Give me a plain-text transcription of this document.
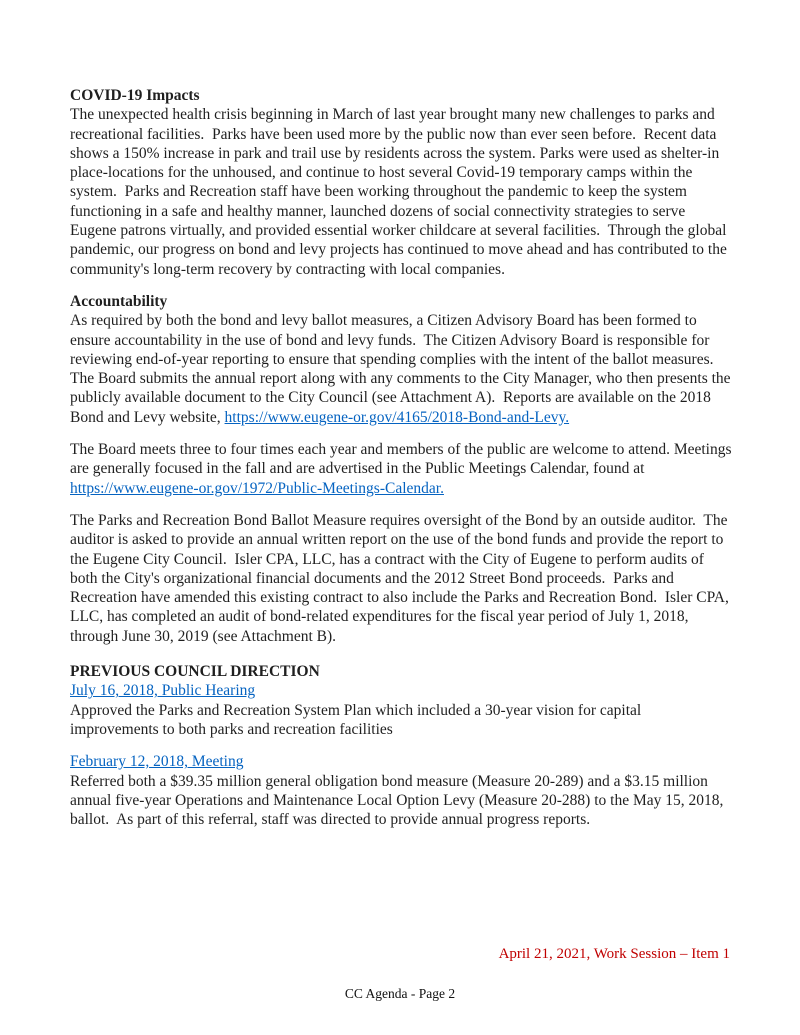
COVID-19 Impacts

The unexpected health crisis beginning in March of last year brought many new challenges to parks and recreational facilities.  Parks have been used more by the public now than ever seen before.  Recent data shows a 150% increase in park and trail use by residents across the system. Parks were used as shelter-in place-locations for the unhoused, and continue to host several Covid-19 temporary camps within the system.  Parks and Recreation staff have been working throughout the pandemic to keep the system functioning in a safe and healthy manner, launched dozens of social connectivity strategies to serve Eugene patrons virtually, and provided essential worker childcare at several facilities.  Through the global pandemic, our progress on bond and levy projects has continued to move ahead and has contributed to the community's long-term recovery by contracting with local companies.

Accountability

As required by both the bond and levy ballot measures, a Citizen Advisory Board has been formed to ensure accountability in the use of bond and levy funds.  The Citizen Advisory Board is responsible for reviewing end-of-year reporting to ensure that spending complies with the intent of the ballot measures.  The Board submits the annual report along with any comments to the City Manager, who then presents the publicly available document to the City Council (see Attachment A).  Reports are available on the 2018 Bond and Levy website, https://www.eugene-or.gov/4165/2018-Bond-and-Levy.

The Board meets three to four times each year and members of the public are welcome to attend. Meetings are generally focused in the fall and are advertised in the Public Meetings Calendar, found at https://www.eugene-or.gov/1972/Public-Meetings-Calendar.

The Parks and Recreation Bond Ballot Measure requires oversight of the Bond by an outside auditor.  The auditor is asked to provide an annual written report on the use of the bond funds and provide the report to the Eugene City Council.  Isler CPA, LLC, has a contract with the City of Eugene to perform audits of both the City's organizational financial documents and the 2012 Street Bond proceeds.  Parks and Recreation have amended this existing contract to also include the Parks and Recreation Bond.  Isler CPA, LLC, has completed an audit of bond-related expenditures for the fiscal year period of July 1, 2018, through June 30, 2019 (see Attachment B).

PREVIOUS COUNCIL DIRECTION

July 16, 2018, Public Hearing

Approved the Parks and Recreation System Plan which included a 30-year vision for capital improvements to both parks and recreation facilities

February 12, 2018, Meeting

Referred both a $39.35 million general obligation bond measure (Measure 20-289) and a $3.15 million annual five-year Operations and Maintenance Local Option Levy (Measure 20-288) to the May 15, 2018, ballot.  As part of this referral, staff was directed to provide annual progress reports.

April 21, 2021, Work Session – Item 1
CC Agenda - Page 2
